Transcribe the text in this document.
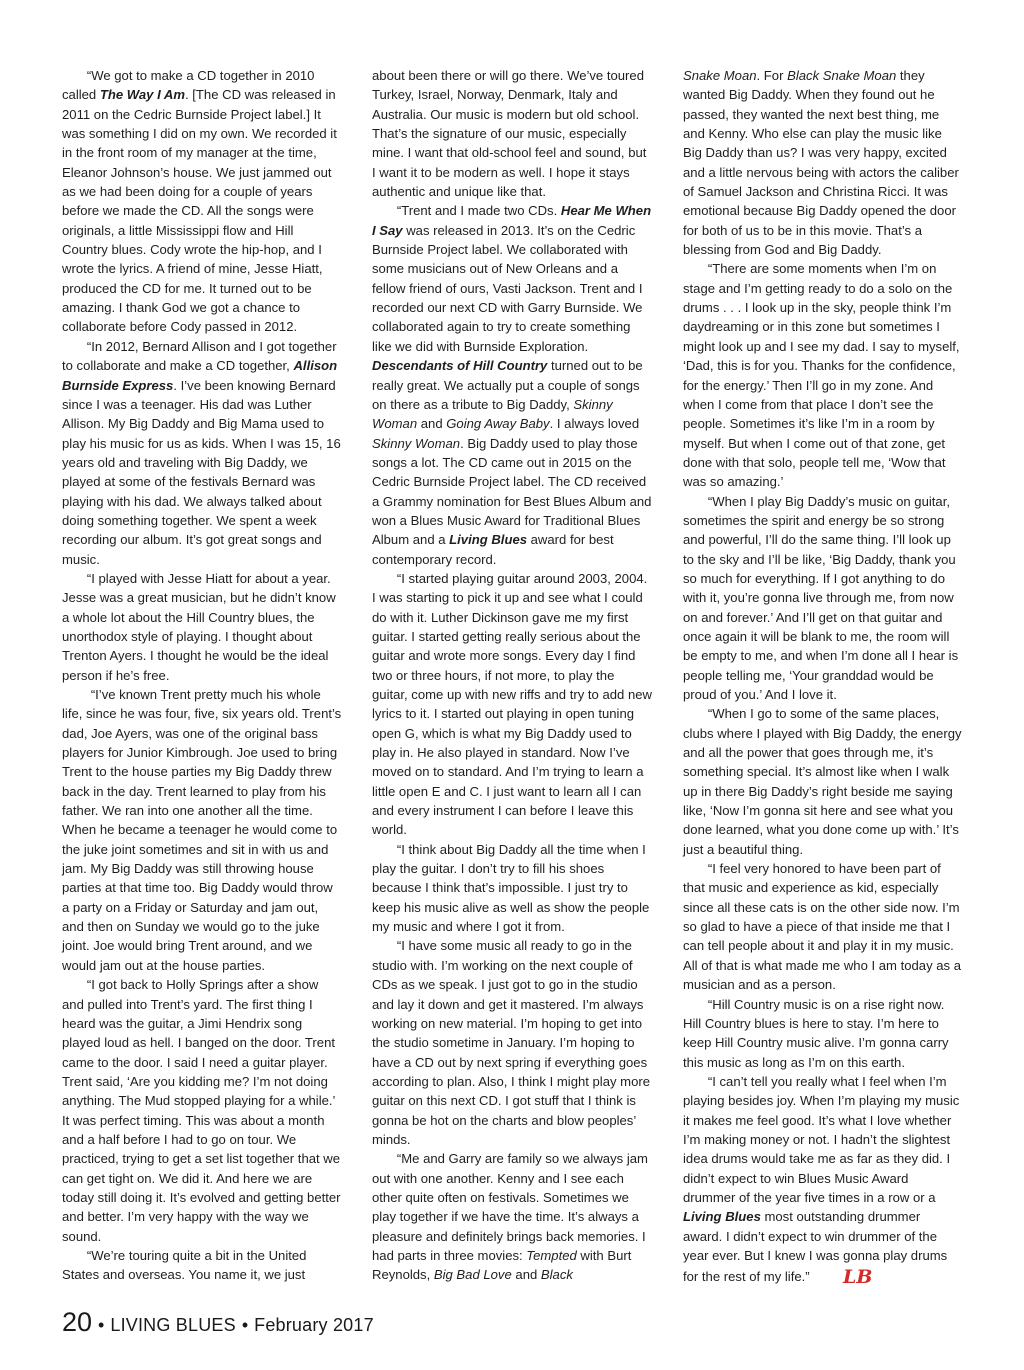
“We got to make a CD together in 2010 called The Way I Am. [The CD was released in 2011 on the Cedric Burnside Project label.] It was something I did on my own. We recorded it in the front room of my manager at the time, Eleanor Johnson’s house. We just jammed out as we had been doing for a couple of years before we made the CD. All the songs were originals, a little Mississippi flow and Hill Country blues. Cody wrote the hip-hop, and I wrote the lyrics. A friend of mine, Jesse Hiatt, produced the CD for me. It turned out to be amazing. I thank God we got a chance to collaborate before Cody passed in 2012.

“In 2012, Bernard Allison and I got together to collaborate and make a CD together, Allison Burnside Express. I’ve been knowing Bernard since I was a teenager. His dad was Luther Allison. My Big Daddy and Big Mama used to play his music for us as kids. When I was 15, 16 years old and traveling with Big Daddy, we played at some of the festivals Bernard was playing with his dad. We always talked about doing something together. We spent a week recording our album. It’s got great songs and music.

“I played with Jesse Hiatt for about a year. Jesse was a great musician, but he didn’t know a whole lot about the Hill Country blues, the unorthodox style of playing. I thought about Trenton Ayers. I thought he would be the ideal person if he’s free.

“I’ve known Trent pretty much his whole life, since he was four, five, six years old. Trent’s dad, Joe Ayers, was one of the original bass players for Junior Kimbrough. Joe used to bring Trent to the house parties my Big Daddy threw back in the day. Trent learned to play from his father. We ran into one another all the time. When he became a teenager he would come to the juke joint sometimes and sit in with us and jam. My Big Daddy was still throwing house parties at that time too. Big Daddy would throw a party on a Friday or Saturday and jam out, and then on Sunday we would go to the juke joint. Joe would bring Trent around, and we would jam out at the house parties.

“I got back to Holly Springs after a show and pulled into Trent’s yard. The first thing I heard was the guitar, a Jimi Hendrix song played loud as hell. I banged on the door. Trent came to the door. I said I need a guitar player. Trent said, ‘Are you kidding me? I’m not doing anything. The Mud stopped playing for a while.’ It was perfect timing. This was about a month and a half before I had to go on tour. We practiced, trying to get a set list together that we can get tight on. We did it. And here we are today still doing it. It’s evolved and getting better and better. I’m very happy with the way we sound.

“We’re touring quite a bit in the United States and overseas. You name it, we just

about been there or will go there. We’ve toured Turkey, Israel, Norway, Denmark, Italy and Australia. Our music is modern but old school. That’s the signature of our music, especially mine. I want that old-school feel and sound, but I want it to be modern as well. I hope it stays authentic and unique like that.

“Trent and I made two CDs. Hear Me When I Say was released in 2013. It’s on the Cedric Burnside Project label. We collaborated with some musicians out of New Orleans and a fellow friend of ours, Vasti Jackson. Trent and I recorded our next CD with Garry Burnside. We collaborated again to try to create something like we did with Burnside Exploration. Descendants of Hill Country turned out to be really great. We actually put a couple of songs on there as a tribute to Big Daddy, Skinny Woman and Going Away Baby. I always loved Skinny Woman. Big Daddy used to play those songs a lot. The CD came out in 2015 on the Cedric Burnside Project label. The CD received a Grammy nomination for Best Blues Album and won a Blues Music Award for Traditional Blues Album and a Living Blues award for best contemporary record.

“I started playing guitar around 2003, 2004. I was starting to pick it up and see what I could do with it. Luther Dickinson gave me my first guitar. I started getting really serious about the guitar and wrote more songs. Every day I find two or three hours, if not more, to play the guitar, come up with new riffs and try to add new lyrics to it. I started out playing in open tuning open G, which is what my Big Daddy used to play in. He also played in standard. Now I’ve moved on to standard. And I’m trying to learn a little open E and C. I just want to learn all I can and every instrument I can before I leave this world.

“I think about Big Daddy all the time when I play the guitar. I don’t try to fill his shoes because I think that’s impossible. I just try to keep his music alive as well as show the people my music and where I got it from.

“I have some music all ready to go in the studio with. I’m working on the next couple of CDs as we speak. I just got to go in the studio and lay it down and get it mastered. I’m always working on new material. I’m hoping to get into the studio sometime in January. I’m hoping to have a CD out by next spring if everything goes according to plan. Also, I think I might play more guitar on this next CD. I got stuff that I think is gonna be hot on the charts and blow peoples’ minds.

“Me and Garry are family so we always jam out with one another. Kenny and I see each other quite often on festivals. Sometimes we play together if we have the time. It’s always a pleasure and definitely brings back memories. I had parts in three movies: Tempted with Burt Reynolds, Big Bad Love and Black

Snake Moan. For Black Snake Moan they wanted Big Daddy. When they found out he passed, they wanted the next best thing, me and Kenny. Who else can play the music like Big Daddy than us? I was very happy, excited and a little nervous being with actors the caliber of Samuel Jackson and Christina Ricci. It was emotional because Big Daddy opened the door for both of us to be in this movie. That’s a blessing from God and Big Daddy.

“There are some moments when I’m on stage and I’m getting ready to do a solo on the drums . . . I look up in the sky, people think I’m daydreaming or in this zone but sometimes I might look up and I see my dad. I say to myself, ‘Dad, this is for you. Thanks for the confidence, for the energy.’ Then I’ll go in my zone. And when I come from that place I don’t see the people. Sometimes it’s like I’m in a room by myself. But when I come out of that zone, get done with that solo, people tell me, ‘Wow that was so amazing.’

“When I play Big Daddy’s music on guitar, sometimes the spirit and energy be so strong and powerful, I’ll do the same thing. I’ll look up to the sky and I’ll be like, ‘Big Daddy, thank you so much for everything. If I got anything to do with it, you’re gonna live through me, from now on and forever.’ And I’ll get on that guitar and once again it will be blank to me, the room will be empty to me, and when I’m done all I hear is people telling me, ‘Your granddad would be proud of you.’ And I love it.

“When I go to some of the same places, clubs where I played with Big Daddy, the energy and all the power that goes through me, it’s something special. It’s almost like when I walk up in there Big Daddy’s right beside me saying like, ‘Now I’m gonna sit here and see what you done learned, what you done come up with.’ It’s just a beautiful thing.

“I feel very honored to have been part of that music and experience as kid, especially since all these cats is on the other side now. I’m so glad to have a piece of that inside me that I can tell people about it and play it in my music. All of that is what made me who I am today as a musician and as a person.

“Hill Country music is on a rise right now. Hill Country blues is here to stay. I’m here to keep Hill Country music alive. I’m gonna carry this music as long as I’m on this earth.

“I can’t tell you really what I feel when I’m playing besides joy. When I’m playing my music it makes me feel good. It’s what I love whether I’m making money or not. I hadn’t the slightest idea drums would take me as far as they did. I didn’t expect to win Blues Music Award drummer of the year five times in a row or a Living Blues most outstanding drummer award. I didn’t expect to win drummer of the year ever. But I knew I was gonna play drums for the rest of my life.” LB

20 • LIVING BLUES • February 2017
